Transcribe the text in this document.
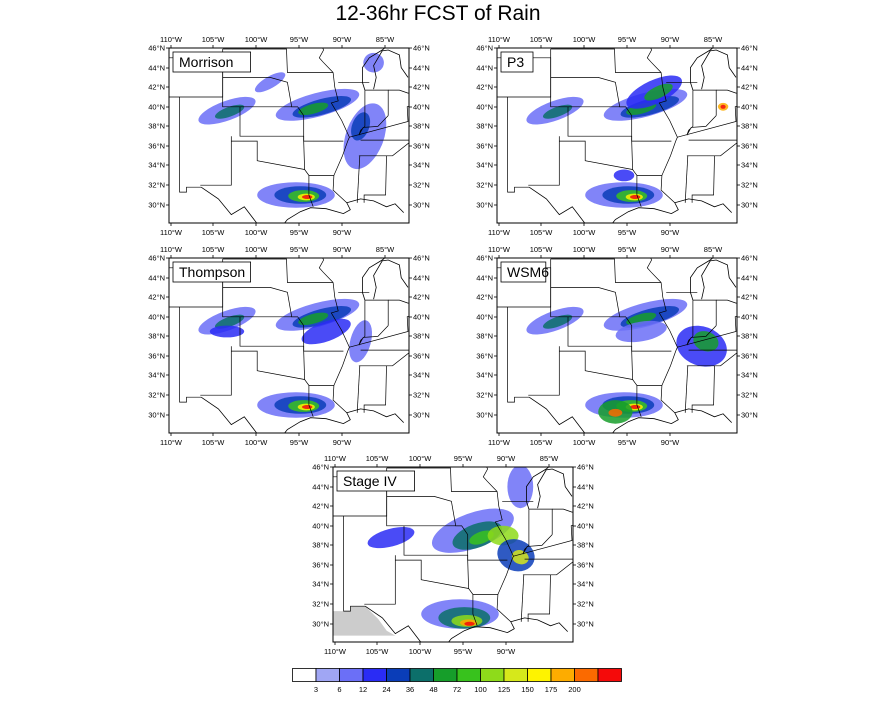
12-36hr FCST of Rain
110°W
110°W
105°W
105°W
100°W
100°W
95°W
95°W
90°W
90°W
85°W
46°N	46°N
44°N	44°N
42°N	42°N
40°N	40°N
38°N	38°N
36°N	36°N
34°N	34°N
32°N	32°N
30°N	30°N
Morrison
110°W
110°W
105°W
105°W
100°W
100°W
95°W
95°W
90°W
90°W
85°W
46°N	46°N
44°N	44°N
42°N	42°N
40°N	40°N
38°N	38°N
36°N	36°N
34°N	34°N
32°N	32°N
30°N	30°N
P3
110°W
110°W
105°W
105°W
100°W
100°W
95°W
95°W
90°W
90°W
85°W
46°N	46°N
44°N	44°N
42°N	42°N
40°N	40°N
38°N	38°N
36°N	36°N
34°N	34°N
32°N	32°N
30°N	30°N
Thompson
110°W
110°W
105°W
105°W
100°W
100°W
95°W
95°W
90°W
90°W
85°W
46°N	46°N
44°N	44°N
42°N	42°N
40°N	40°N
38°N	38°N
36°N	36°N
34°N	34°N
32°N	32°N
30°N	30°N
WSM6
110°W
110°W
105°W
105°W
100°W
100°W
95°W
95°W
90°W
90°W
85°W
46°N	46°N
44°N	44°N
42°N	42°N
40°N	40°N
38°N	38°N
36°N	36°N
34°N	34°N
32°N	32°N
30°N	30°N
Stage IV
3	6 12 24 36 48 72 100 125 150 175 200
